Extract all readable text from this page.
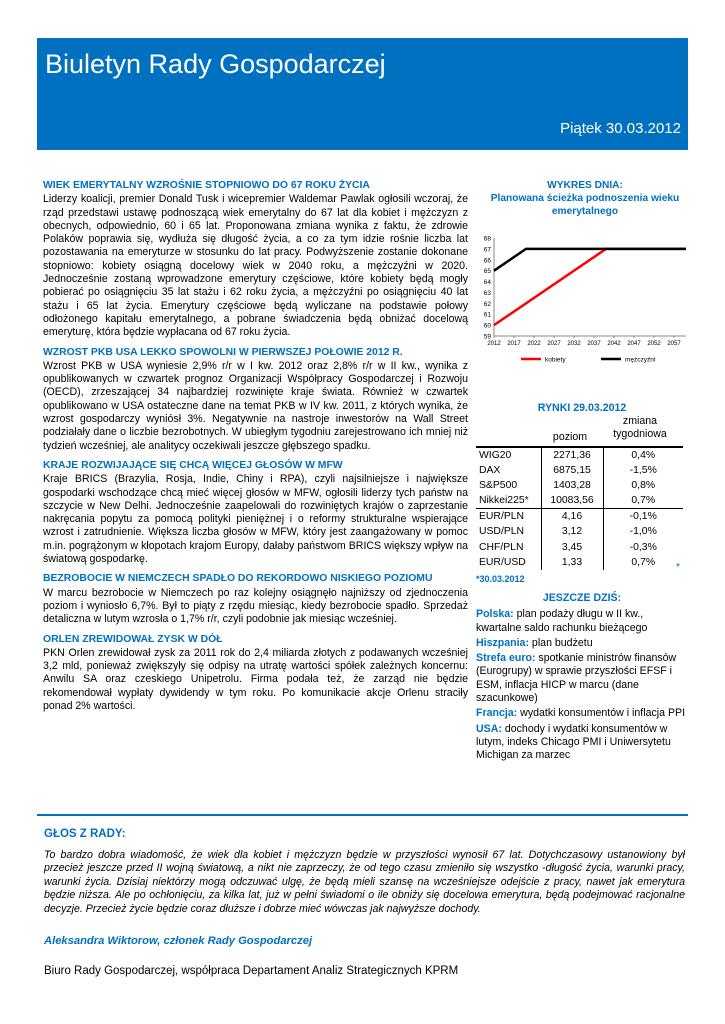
Biuletyn Rady Gospodarczej
Piątek 30.03.2012
WIEK EMERYTALNY WZROŚNIE STOPNIOWO DO 67 ROKU ŻYCIA

Liderzy koalicji, premier Donald Tusk i wicepremier Waldemar Pawlak ogłosili wczoraj, że rząd przedstawi ustawę podnoszącą wiek emerytalny do 67 lat dla kobiet i mężczyzn z obecnych, odpowiednio, 60 i 65 lat. Proponowana zmiana wynika z faktu, że zdrowie Polaków poprawia się, wydłuża się długość życia, a co za tym idzie rośnie liczba lat pozostawania na emeryturze w stosunku do lat pracy. Podwyższenie zostanie dokonane stopniowo: kobiety osiągną docelowy wiek w 2040 roku, a mężczyźni w 2020. Jednocześnie zostaną wprowadzone emerytury częściowe, które kobiety będą mogły pobierać po osiągnięciu 35 lat stażu i 62 roku życia, a mężczyźni po osiągnięciu 40 lat stażu i 65 lat życia. Emerytury częściowe będą wyliczane na podstawie połowy odłożonego kapitału emerytalnego, a pobrane świadczenia będą obniżać docelową emeryturę, która będzie wypłacana od 67 roku życia.

WZROST PKB USA LEKKO SPOWOLNI W PIERWSZEJ POŁOWIE 2012 R.

Wzrost PKB w USA wyniesie 2,9% r/r w I kw. 2012 oraz 2,8% r/r w II kw., wynika z opublikowanych w czwartek prognoz Organizacji Współpracy Gospodarczej i Rozwoju (OECD), zrzeszającej 34 najbardziej rozwinięte kraje świata. Również w czwartek opublikowano w USA ostateczne dane na temat PKB w IV kw. 2011, z których wynika, że wzrost gospodarczy wyniósł 3%. Negatywnie na nastroje inwestorów na Wall Street podziałały dane o liczbie bezrobotnych. W ubiegłym tygodniu zarejestrowano ich mniej niż tydzień wcześniej, ale analitycy oczekiwali jeszcze głębszego spadku.

KRAJE ROZWIJAJĄCE SIĘ CHCĄ WIĘCEJ GŁOSÓW W MFW

Kraje BRICS (Brazylia, Rosja, Indie, Chiny i RPA), czyli najsilniejsze i największe gospodarki wschodzące chcą mieć więcej głosów w MFW, ogłosili liderzy tych państw na szczycie w New Delhi. Jednocześnie zaapelowali do rozwiniętych krajów o zaprzestanie nakręcania popytu za pomocą polityki pieniężnej i o reformy strukturalne wspierające wzrost i zatrudnienie. Większa liczba głosów w MFW, który jest zaangażowany w pomoc m.in. pogrążonym w kłopotach krajom Europy, dałaby państwom BRICS większy wpływ na światową gospodarkę.

BEZROBOCIE W NIEMCZECH SPADŁO DO REKORDOWO NISKIEGO POZIOMU

W marcu bezrobocie w Niemczech po raz kolejny osiągnęło najniższy od zjednoczenia poziom i wyniosło 6,7%. Był to piąty z rzędu miesiąc, kiedy bezrobocie spadło. Sprzedaż detaliczna w lutym wzrosła o 1,7% r/r, czyli podobnie jak miesiąc wcześniej.

ORLEN ZREWIDOWAŁ ZYSK W DÓŁ

PKN Orlen zrewidował zysk za 2011 rok do 2,4 miliarda złotych z podawanych wcześniej 3,2 mld, ponieważ zwiększyły się odpisy na utratę wartości spółek zależnych koncernu: Anwilu SA oraz czeskiego Unipetrolu. Firma podała też, że zarząd nie będzie rekomendował wypłaty dywidendy w tym roku. Po komunikacie akcje Orlenu straciły ponad 2% wartości.

WYKRES DNIA:
Planowana ścieżka podnoszenia wieku emerytalnego
59
60
61
62
63
64
65
66
67
68
2012 2017 2022 2027 2032 2037 2042 2047 2052 2057
kobiety	mężczyźni
RYNKI 29.03.2012
zmiana tygodniowa
poziom
WIG20	2271,36	0,4%
DAX	6875,15	-1,5%
S&P500	1403,28	0,8%
Nikkei225*	10083,56	0,7%
EUR/PLN	4,16	-0,1%
USD/PLN	3,12	-1,0%
CHF/PLN	3,45	-0,3%
EUR/USD	1,33	0,7%
*30.03.2012
*
JESZCZE DZIŚ:
Polska: plan podaży długu w II kw., kwartalne saldo rachunku bieżącego
Hiszpania: plan budżetu
Strefa euro: spotkanie ministrów finansów (Eurogrupy) w sprawie przyszłości EFSF i ESM, inflacja HICP w marcu (dane szacunkowe)
Francja: wydatki konsumentów i inflacja PPI
USA: dochody i wydatki konsumentów w lutym, indeks Chicago PMI i Uniwersytetu Michigan za marzec
GŁOS Z RADY:
To bardzo dobra wiadomość, że wiek dla kobiet i mężczyzn będzie w przyszłości wynosił 67 lat. Dotychczasowy ustanowiony był przecież jeszcze przed II wojną światową, a nikt nie zaprzeczy, że od tego czasu zmieniło się wszystko -długość życia, warunki pracy, warunki życia. Dzisiaj niektórzy mogą odczuwać ulgę, że będą mieli szansę na wcześniejsze odejście z pracy, nawet jak emerytura będzie niższa. Ale po ochłonięciu, za kilka lat, już w pełni świadomi o ile obniży się docelowa emerytura, będą podejmować racjonalne decyzje. Przecież życie będzie coraz dłuższe i dobrze mieć wówczas jak najwyższe dochody.
Aleksandra Wiktorow, członek Rady Gospodarczej
Biuro Rady Gospodarczej, współpraca Departament Analiz Strategicznych KPRM
